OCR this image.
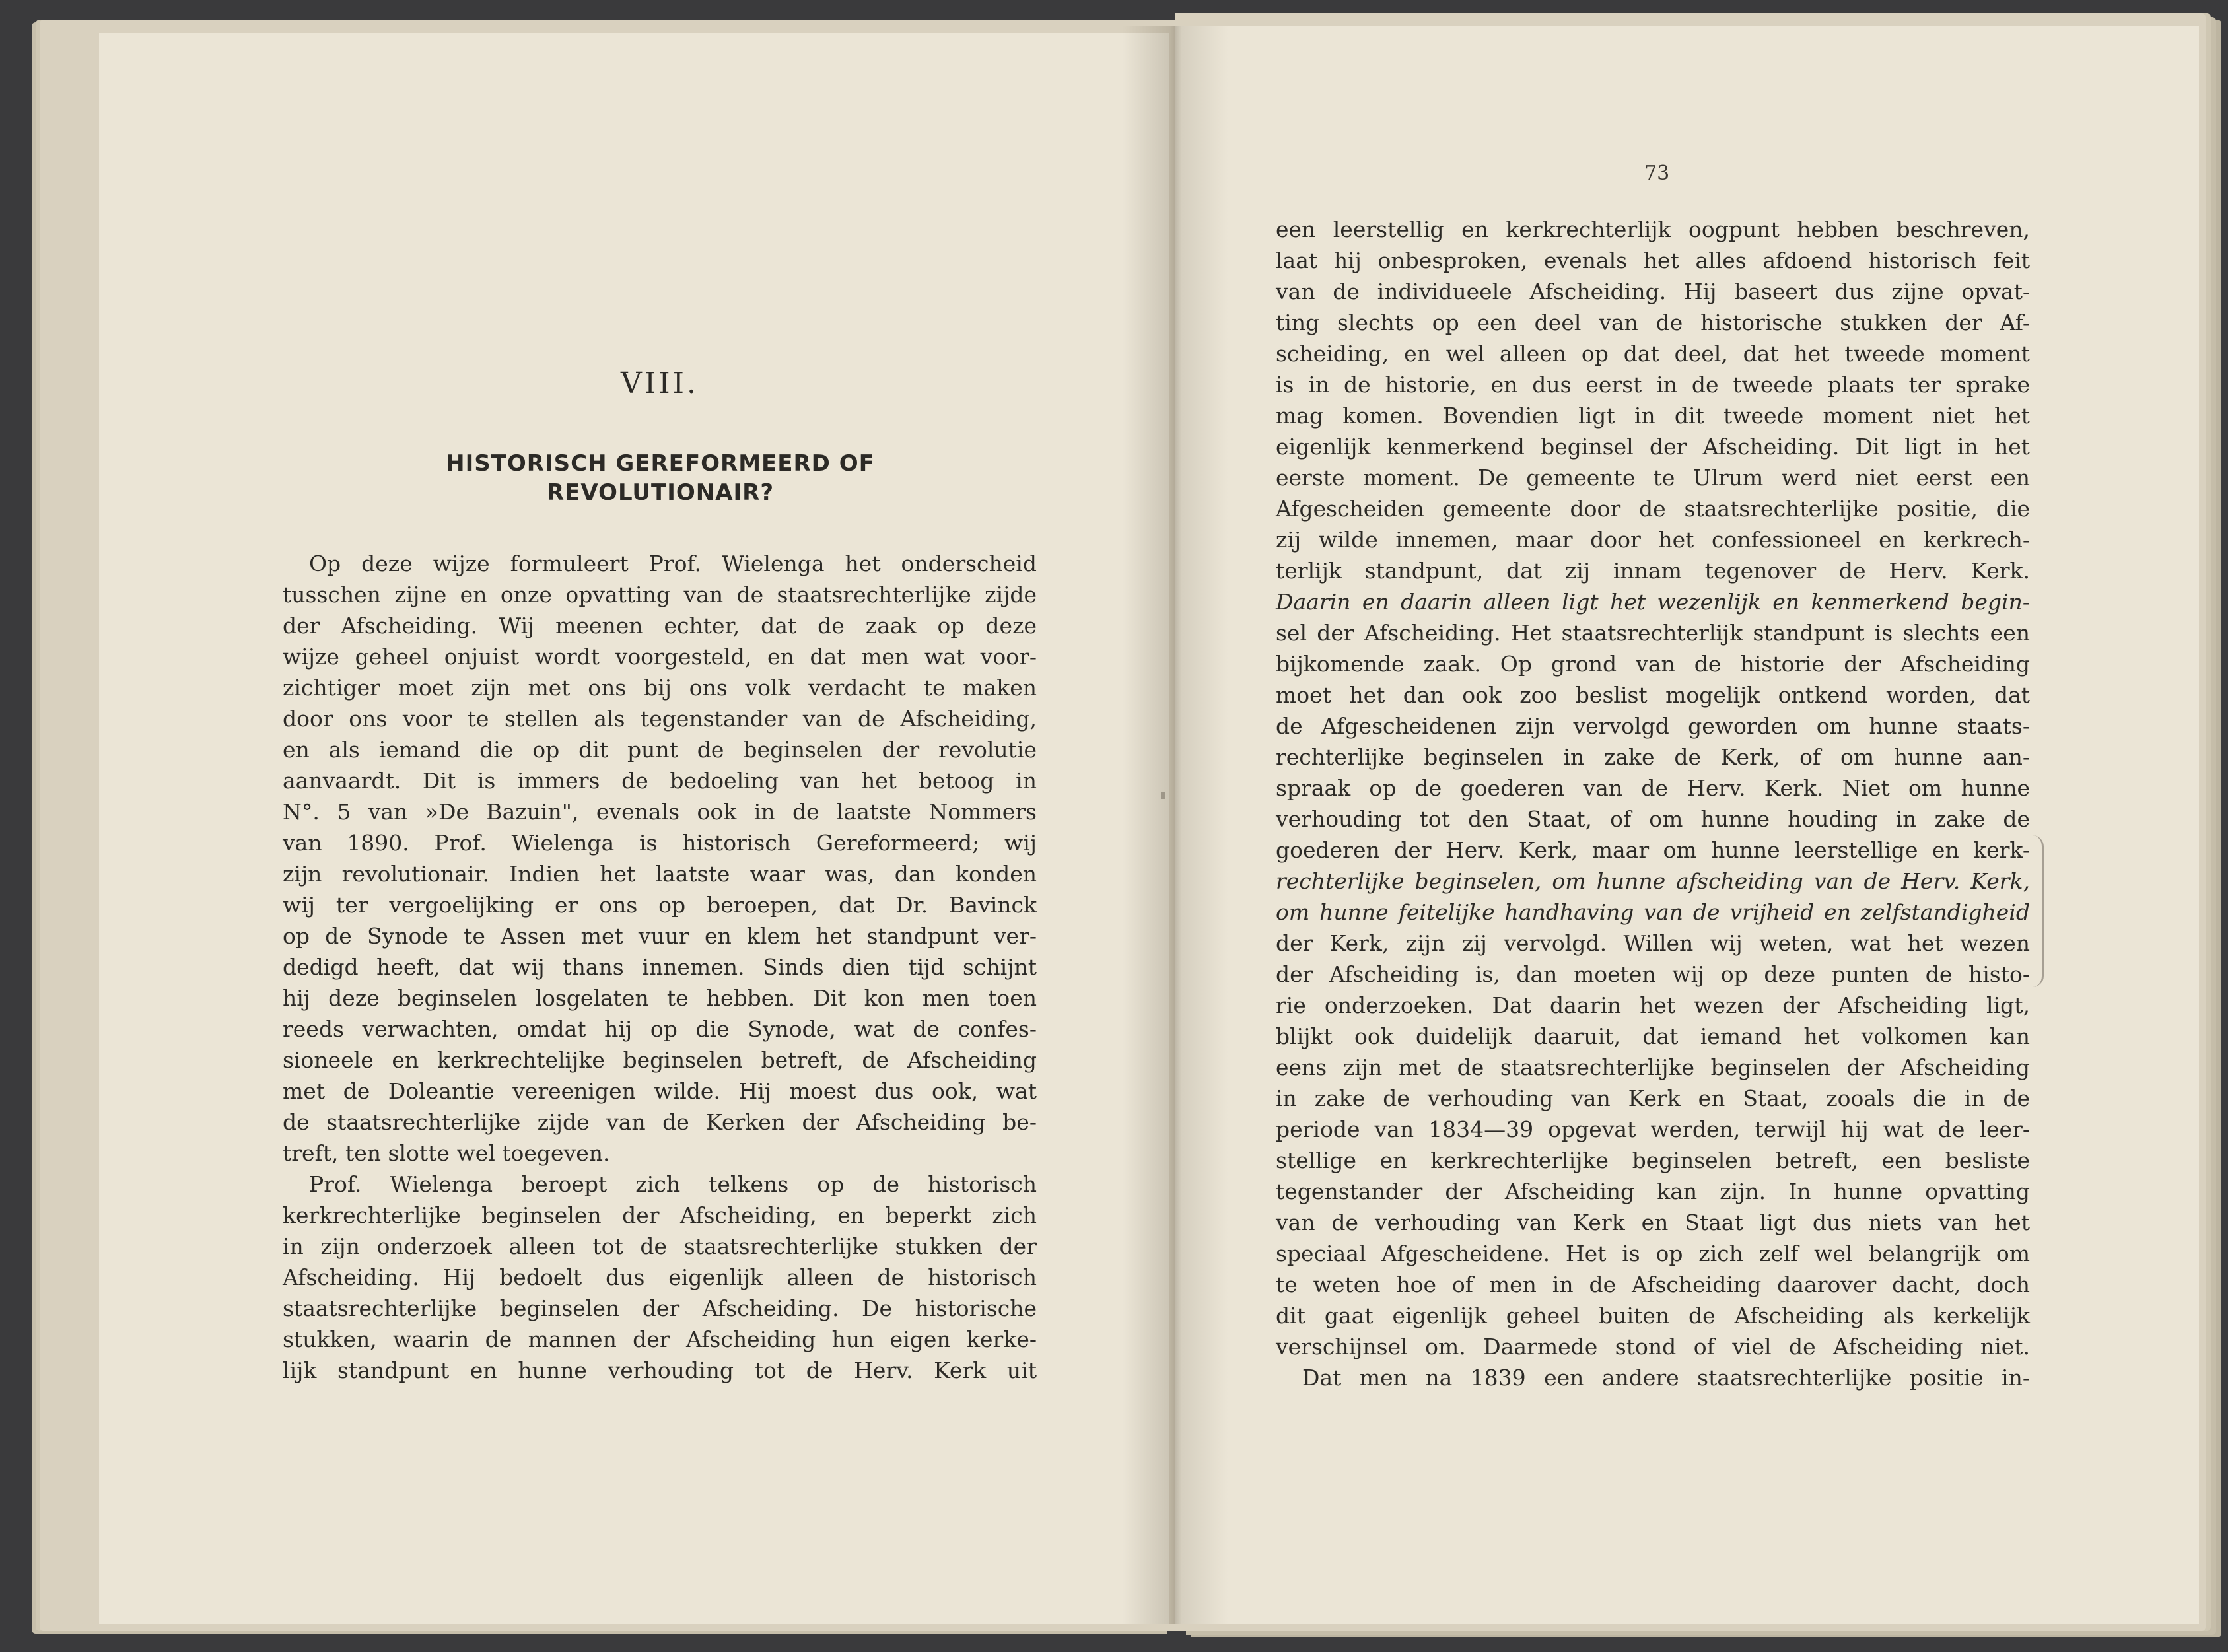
VIII.
HISTORISCH GEREFORMEERD OF
REVOLUTIONAIR?
Op deze wijze formuleert Prof. Wielenga het onderscheid
tusschen zijne en onze opvatting van de staatsrechterlijke zijde
der Afscheiding. Wij meenen echter, dat de zaak op deze
wijze geheel onjuist wordt voorgesteld, en dat men wat voor-
zichtiger moet zijn met ons bij ons volk verdacht te maken
door ons voor te stellen als tegenstander van de Afscheiding,
en als iemand die op dit punt de beginselen der revolutie
aanvaardt. Dit is immers de bedoeling van het betoog in
N°. 5 van »De Bazuin", evenals ook in de laatste Nommers
van 1890. Prof. Wielenga is historisch Gereformeerd; wij
zijn revolutionair. Indien het laatste waar was, dan konden
wij ter vergoelijking er ons op beroepen, dat Dr. Bavinck
op de Synode te Assen met vuur en klem het standpunt ver-
dedigd heeft, dat wij thans innemen. Sinds dien tijd schijnt
hij deze beginselen losgelaten te hebben. Dit kon men toen
reeds verwachten, omdat hij op die Synode, wat de confes-
sioneele en kerkrechtelijke beginselen betreft, de Afscheiding
met de Doleantie vereenigen wilde. Hij moest dus ook, wat
de staatsrechterlijke zijde van de Kerken der Afscheiding be-
treft, ten slotte wel toegeven.
Prof. Wielenga beroept zich telkens op de historisch
kerkrechterlijke beginselen der Afscheiding, en beperkt zich
in zijn onderzoek alleen tot de staatsrechterlijke stukken der
Afscheiding. Hij bedoelt dus eigenlijk alleen de historisch
staatsrechterlijke beginselen der Afscheiding. De historische
stukken, waarin de mannen der Afscheiding hun eigen kerke-
lijk standpunt en hunne verhouding tot de Herv. Kerk uit
73
een leerstellig en kerkrechterlijk oogpunt hebben beschreven,
laat hij onbesproken, evenals het alles afdoend historisch feit
van de individueele Afscheiding. Hij baseert dus zijne opvat-
ting slechts op een deel van de historische stukken der Af-
scheiding, en wel alleen op dat deel, dat het tweede moment
is in de historie, en dus eerst in de tweede plaats ter sprake
mag komen. Bovendien ligt in dit tweede moment niet het
eigenlijk kenmerkend beginsel der Afscheiding. Dit ligt in het
eerste moment. De gemeente te Ulrum werd niet eerst een
Afgescheiden gemeente door de staatsrechterlijke positie, die
zij wilde innemen, maar door het confessioneel en kerkrech-
terlijk standpunt, dat zij innam tegenover de Herv. Kerk.
Daarin en daarin alleen ligt het wezenlijk en kenmerkend begin-
sel der Afscheiding. Het staatsrechterlijk standpunt is slechts een
bijkomende zaak. Op grond van de historie der Afscheiding
moet het dan ook zoo beslist mogelijk ontkend worden, dat
de Afgescheidenen zijn vervolgd geworden om hunne staats-
rechterlijke beginselen in zake de Kerk, of om hunne aan-
spraak op de goederen van de Herv. Kerk. Niet om hunne
verhouding tot den Staat, of om hunne houding in zake de
goederen der Herv. Kerk, maar om hunne leerstellige en kerk-
rechterlijke beginselen, om hunne afscheiding van de Herv. Kerk,
om hunne feitelijke handhaving van de vrijheid en zelfstandigheid
der Kerk, zijn zij vervolgd. Willen wij weten, wat het wezen
der Afscheiding is, dan moeten wij op deze punten de histo-
rie onderzoeken. Dat daarin het wezen der Afscheiding ligt,
blijkt ook duidelijk daaruit, dat iemand het volkomen kan
eens zijn met de staatsrechterlijke beginselen der Afscheiding
in zake de verhouding van Kerk en Staat, zooals die in de
periode van 1834—39 opgevat werden, terwijl hij wat de leer-
stellige en kerkrechterlijke beginselen betreft, een besliste
tegenstander der Afscheiding kan zijn. In hunne opvatting
van de verhouding van Kerk en Staat ligt dus niets van het
speciaal Afgescheidene. Het is op zich zelf wel belangrijk om
te weten hoe of men in de Afscheiding daarover dacht, doch
dit gaat eigenlijk geheel buiten de Afscheiding als kerkelijk
verschijnsel om. Daarmede stond of viel de Afscheiding niet.
Dat men na 1839 een andere staatsrechterlijke positie in-
